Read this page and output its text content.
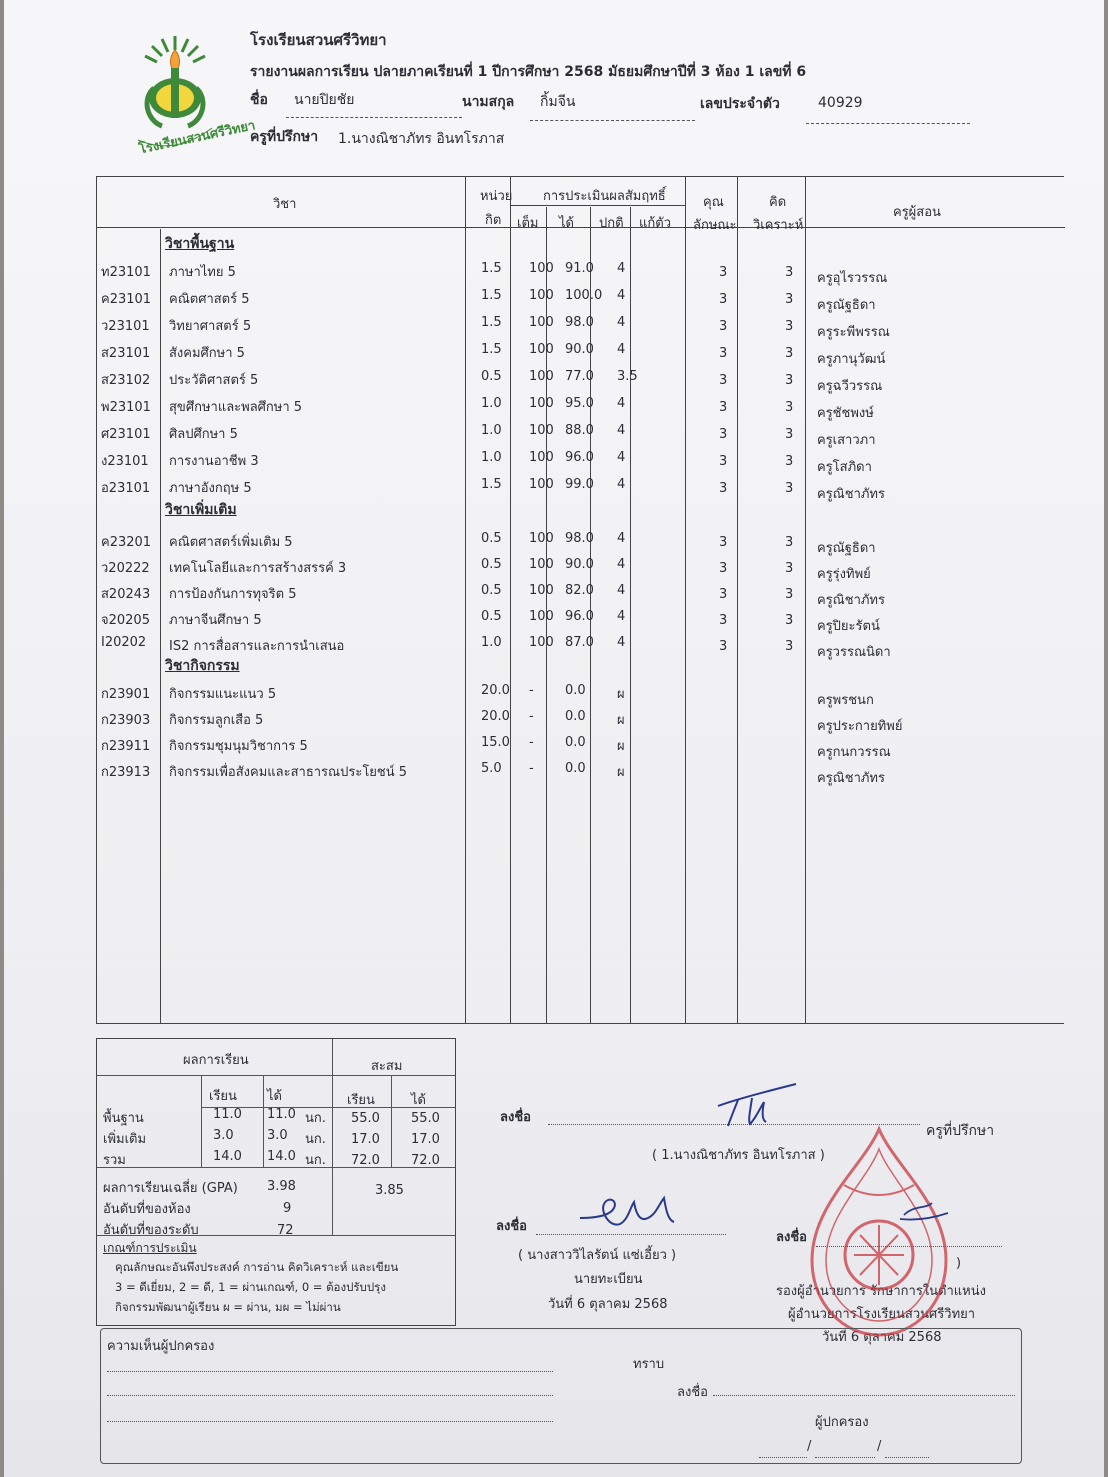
โรงเรียนสวนศรีวิทยา
โรงเรียนสวนศรีวิทยา
รายงานผลการเรียน ปลายภาคเรียนที่ 1 ปีการศึกษา 2568 มัธยมศึกษาปีที่ 3 ห้อง 1 เลขที่ 6
ชื่อ นายปิยชัย	นามสกุล กิ้มจีน	เลขประจำตัว	40929
ครูที่ปรึกษา 1.นางณิชาภัทร อินทโรภาส
วิชา
หน่วย
กิต
การประเมินผลสัมฤทธิ์
เต็ม ได้ ปกติ แก้ตัว
คุณ
ลักษณะ
คิด
วิเคราะห์
ครูผู้สอน
วิชาพื้นฐาน
ท23101 ภาษาไทย 5	1.5 100 91.0 4	3	3 ครูอุไรวรรณ
ค23101 คณิตศาสตร์ 5	1.5 100 100.0 4	3	3 ครูณัฐธิดา
ว23101 วิทยาศาสตร์ 5	1.5 100 98.0 4	3	3 ครูระพีพรรณ
ส23101 สังคมศึกษา 5	1.5 100 90.0 4	3	3 ครูภานุวัฒน์
ส23102 ประวัติศาสตร์ 5	0.5 100 77.0 3.5	3	3 ครูฉวีวรรณ
พ23101 สุขศึกษาและพลศึกษา 5	1.0 100 95.0 4	3	3 ครูชัชพงษ์
ศ23101 ศิลปศึกษา 5	1.0 100 88.0 4	3	3 ครูเสาวภา
ง23101 การงานอาชีพ 3	1.0 100 96.0 4	3	3 ครูโสภิดา
อ23101 ภาษาอังกฤษ 5	1.5 100 99.0 4	3	3 ครูณิชาภัทร
วิชาเพิ่มเติม
ค23201 คณิตศาสตร์เพิ่มเติม 5	0.5 100 98.0 4	3	3 ครูณัฐธิดา
ว20222 เทคโนโลยีและการสร้างสรรค์ 3	0.5 100 90.0 4	3	3 ครูรุ่งทิพย์
ส20243 การป้องกันการทุจริต 5	0.5 100 82.0 4	3	3 ครูณิชาภัทร
จ20205 ภาษาจีนศึกษา 5	0.5 100 96.0 4	3	3 ครูปิยะรัตน์
I20202 IS2 การสื่อสารและการนำเสนอ	1.0 100 87.0 4	3	3 ครูวรรณนิดา
วิชากิจกรรม
ก23901 กิจกรรมแนะแนว 5	20.0 - 0.0 ผ	ครูพรชนก
ก23903 กิจกรรมลูกเสือ 5	20.0 - 0.0 ผ	ครูประกายทิพย์
ก23911 กิจกรรมชุมนุมวิชาการ 5	15.0 - 0.0 ผ	ครูกนกวรรณ
ก23913 กิจกรรมเพื่อสังคมและสาธารณประโยชน์ 5	5.0 - 0.0 ผ	ครูณิชาภัทร
ผลการเรียน	สะสม
เรียน ได้	เรียน	ได้
พื้นฐาน	11.0 11.0 นก. 55.0 55.0
เพิ่มเติม	3.0	3.0 นก. 17.0 17.0
รวม	14.0 14.0 นก. 72.0 72.0
ผลการเรียนเฉลี่ย (GPA) 3.98	3.85
อันดับที่ของห้อง	9
อันดับที่ของระดับ	72
เกณฑ์การประเมิน
คุณลักษณะอันพึงประสงค์ การอ่าน คิดวิเคราะห์ และเขียน
3 = ดีเยี่ยม, 2 = ดี, 1 = ผ่านเกณฑ์, 0 = ต้องปรับปรุง
กิจกรรมพัฒนาผู้เรียน ผ = ผ่าน, มผ = ไม่ผ่าน
ลงชื่อ
ครูที่ปรึกษา
( 1.นางณิชาภัทร อินทโรภาส )
ลงชื่อ
( นางสาววิไลรัตน์ แซ่เอี้ยว )
นายทะเบียน
วันที่ 6 ตุลาคม 2568
ลงชื่อ
)
รองผู้อำนวยการ รักษาการในตำแหน่ง
ผู้อำนวยการโรงเรียนสวนศรีวิทยา
วันที่ 6 ตุลาคม 2568
ความเห็นผู้ปกครอง
ทราบ
ลงชื่อ
ผู้ปกครอง
/	/
